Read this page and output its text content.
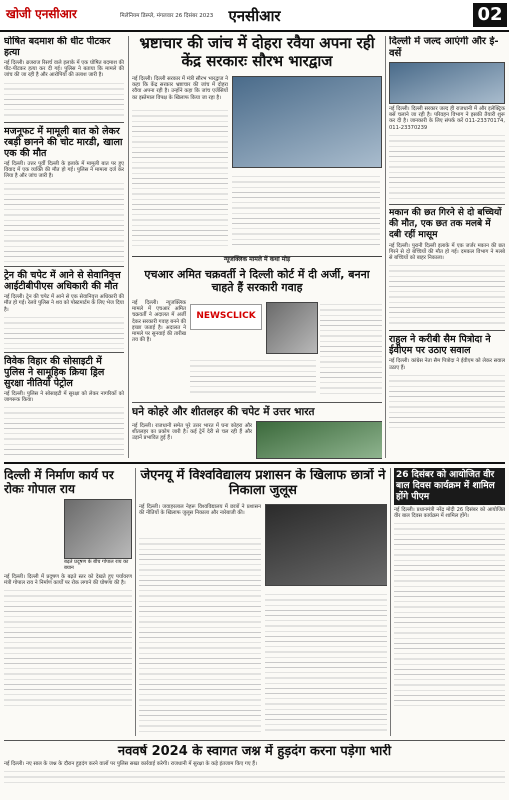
खोजी एनसीआर	मिलेनियम डिस्प्ले, मंगलवार 26 दिसंबर 2023	एनसीआर	02
घोषित बदमाश की धीट पीटकर हत्या
नई दिल्ली। ब्रजराज रिसर्च वाले इलाके में एक घोषित बदमाश की पीट-पीटकर हत्या कर दी गई। पुलिस ने बताया कि मामले की जांच की जा रही है और आरोपियों की तलाश जारी है।
मजनूफट में मामूली बात को लेकर रबड़ी छानने की चोट मारडी, खाला एक की मौत
नई दिल्ली। उत्तर पूर्वी दिल्ली के इलाके में मामूली बात पर हुए विवाद में एक व्यक्ति की मौत हो गई। पुलिस ने मामला दर्ज कर लिया है और जांच जारी है।
ट्रेन की चपेट में आने से सेवानिवृत्त आईटीबीपीएस अधिकारी की मौत
नई दिल्ली। ट्रेन की चपेट में आने से एक सेवानिवृत्त अधिकारी की मौत हो गई। रेलवे पुलिस ने शव को पोस्टमार्टम के लिए भेज दिया है।
विवेक विहार की सोसाइटी में पुलिस ने सामूहिक क्रिया ड्रिल सुरक्षा नीतियों पेट्रोल
नई दिल्ली। पुलिस ने सोसाइटी में सुरक्षा को लेकर नागरिकों को जागरूक किया।
भ्रष्टाचार की जांच में दोहरा रवैया अपना रही केंद्र सरकारः सौरभ भारद्वाज
नई दिल्ली। दिल्ली सरकार में मंत्री सौरभ भारद्वाज ने कहा कि केंद्र सरकार भ्रष्टाचार की जांच में दोहरा रवैया अपना रही है। उन्होंने कहा कि जांच एजेंसियों का इस्तेमाल विपक्ष के खिलाफ किया जा रहा है।
न्यूजक्लिक मामले में कथा मोड़
एचआर अमित चक्रवर्ती ने दिल्ली कोर्ट में दी अर्जी, बनना चाहते हैं सरकारी गवाह
NEWSCLICK
नई दिल्ली। न्यूजक्लिक मामले में एचआर अमित चक्रवर्ती ने अदालत में अर्जी देकर सरकारी गवाह बनने की इच्छा जताई है। अदालत ने मामले पर सुनवाई की तारीख तय की है।
घने कोहरे और शीतलहर की चपेट में उत्तर भारत
नई दिल्ली। राजधानी समेत पूरे उत्तर भारत में घना कोहरा और शीतलहर का प्रकोप जारी है। कई ट्रेनें देरी से चल रही हैं और उड़ानें प्रभावित हुई हैं।
दिल्ली में जल्द आएंगी और ई-वसें
नई दिल्ली। दिल्ली सरकार जल्द ही राजधानी में और इलेक्ट्रिक बसें चलाने जा रही है। परिवहन विभाग ने इसकी तैयारी शुरू कर दी है। जानकारी के लिए संपर्क करें 011-23370174, 011-23370239
मकान की छत गिरने से दो बच्चियों की मौत, एक छत तक मलबे में दबी रहीं मासूम
नई दिल्ली। पुरानी दिल्ली इलाके में एक जर्जर मकान की छत गिरने से दो बच्चियों की मौत हो गई। दमकल विभाग ने मलबे से बच्चियों को बाहर निकाला।
राहुल ने करीबी सैम पित्रोदा ने ईवीएम पर उठाए सवाल
नई दिल्ली। कांग्रेस नेता सैम पित्रोदा ने ईवीएम को लेकर सवाल उठाए हैं।
दिल्ली में निर्माण कार्य पर रोकः गोपाल राय
बढ़ते प्रदूषण के बीच गोपाल राय का बयान
नई दिल्ली। दिल्ली में प्रदूषण के बढ़ते स्तर को देखते हुए पर्यावरण मंत्री गोपाल राय ने निर्माण कार्यों पर रोक लगाने की घोषणा की है।
जेएनयू में विश्वविद्यालय प्रशासन के खिलाफ छात्रों ने निकाला जुलूस
नई दिल्ली। जवाहरलाल नेहरू विश्वविद्यालय में छात्रों ने प्रशासन की नीतियों के खिलाफ जुलूस निकाला और नारेबाजी की।
26 दिसंबर को आयोजित वीर बाल दिवस कार्यक्रम में शामिल होंगे पीएम
नई दिल्ली। प्रधानमंत्री नरेंद्र मोदी 26 दिसंबर को आयोजित वीर बाल दिवस कार्यक्रम में शामिल होंगे।
नववर्ष 2024 के स्वागत जश्न में हुड़दंग करना पड़ेगा भारी
नई दिल्ली। नए साल के जश्न के दौरान हुड़दंग करने वालों पर पुलिस सख्त कार्रवाई करेगी। राजधानी में सुरक्षा के कड़े इंतजाम किए गए हैं।
